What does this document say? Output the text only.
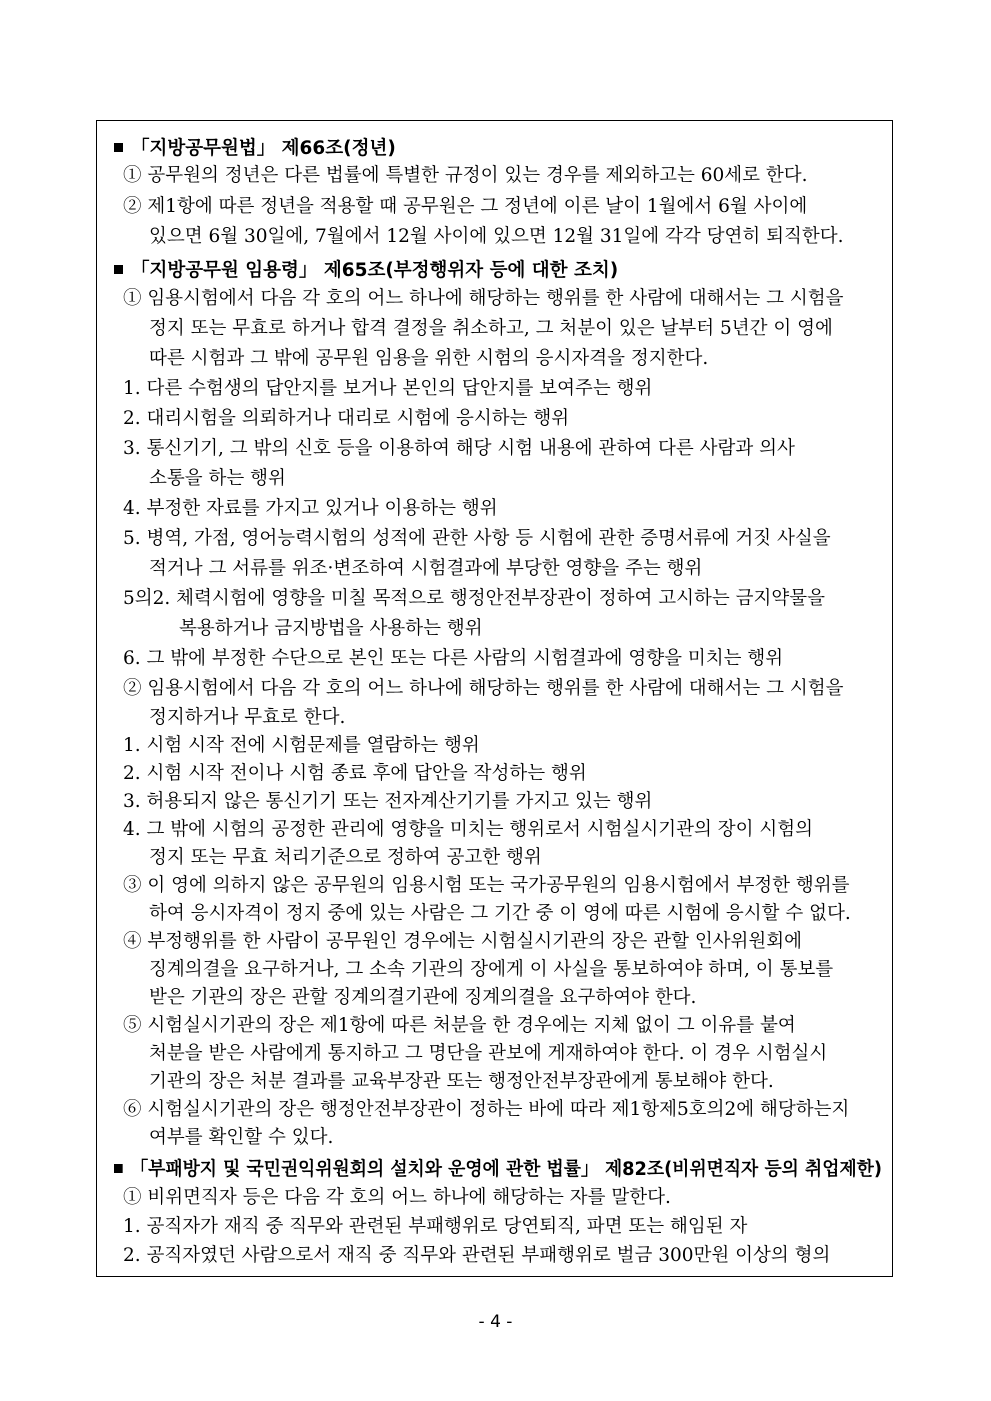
「지방공무원법」 제66조(정년)
① 공무원의 정년은 다른 법률에 특별한 규정이 있는 경우를 제외하고는 60세로 한다.
② 제1항에 따른 정년을 적용할 때 공무원은 그 정년에 이른 날이 1월에서 6월 사이에
있으면 6월 30일에, 7월에서 12월 사이에 있으면 12월 31일에 각각 당연히 퇴직한다.
「지방공무원 임용령」 제65조(부정행위자 등에 대한 조치)
① 임용시험에서 다음 각 호의 어느 하나에 해당하는 행위를 한 사람에 대해서는 그 시험을
정지 또는 무효로 하거나 합격 결정을 취소하고, 그 처분이 있은 날부터 5년간 이 영에
따른 시험과 그 밖에 공무원 임용을 위한 시험의 응시자격을 정지한다.
1. 다른 수험생의 답안지를 보거나 본인의 답안지를 보여주는 행위
2. 대리시험을 의뢰하거나 대리로 시험에 응시하는 행위
3. 통신기기, 그 밖의 신호 등을 이용하여 해당 시험 내용에 관하여 다른 사람과 의사
소통을 하는 행위
4. 부정한 자료를 가지고 있거나 이용하는 행위
5. 병역, 가점, 영어능력시험의 성적에 관한 사항 등 시험에 관한 증명서류에 거짓 사실을
적거나 그 서류를 위조·변조하여 시험결과에 부당한 영향을 주는 행위
5의2. 체력시험에 영향을 미칠 목적으로 행정안전부장관이 정하여 고시하는 금지약물을
복용하거나 금지방법을 사용하는 행위
6. 그 밖에 부정한 수단으로 본인 또는 다른 사람의 시험결과에 영향을 미치는 행위
② 임용시험에서 다음 각 호의 어느 하나에 해당하는 행위를 한 사람에 대해서는 그 시험을
정지하거나 무효로 한다.
1. 시험 시작 전에 시험문제를 열람하는 행위
2. 시험 시작 전이나 시험 종료 후에 답안을 작성하는 행위
3. 허용되지 않은 통신기기 또는 전자계산기기를 가지고 있는 행위
4. 그 밖에 시험의 공정한 관리에 영향을 미치는 행위로서 시험실시기관의 장이 시험의
정지 또는 무효 처리기준으로 정하여 공고한 행위
③ 이 영에 의하지 않은 공무원의 임용시험 또는 국가공무원의 임용시험에서 부정한 행위를
하여 응시자격이 정지 중에 있는 사람은 그 기간 중 이 영에 따른 시험에 응시할 수 없다.
④ 부정행위를 한 사람이 공무원인 경우에는 시험실시기관의 장은 관할 인사위원회에
징계의결을 요구하거나, 그 소속 기관의 장에게 이 사실을 통보하여야 하며, 이 통보를
받은 기관의 장은 관할 징계의결기관에 징계의결을 요구하여야 한다.
⑤ 시험실시기관의 장은 제1항에 따른 처분을 한 경우에는 지체 없이 그 이유를 붙여
처분을 받은 사람에게 통지하고 그 명단을 관보에 게재하여야 한다. 이 경우 시험실시
기관의 장은 처분 결과를 교육부장관 또는 행정안전부장관에게 통보해야 한다.
⑥ 시험실시기관의 장은 행정안전부장관이 정하는 바에 따라 제1항제5호의2에 해당하는지
여부를 확인할 수 있다.
「부패방지 및 국민권익위원회의 설치와 운영에 관한 법률」 제82조(비위면직자 등의 취업제한)
① 비위면직자 등은 다음 각 호의 어느 하나에 해당하는 자를 말한다.
1. 공직자가 재직 중 직무와 관련된 부패행위로 당연퇴직, 파면 또는 해임된 자
2. 공직자였던 사람으로서 재직 중 직무와 관련된 부패행위로 벌금 300만원 이상의 형의
- 4 -
